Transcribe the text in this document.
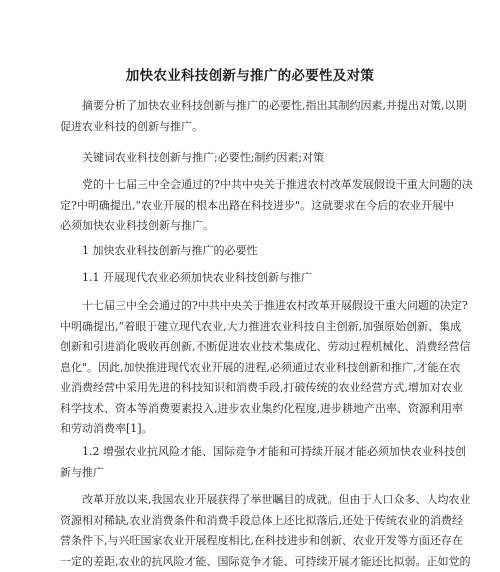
加快农业科技创新与推广的必要性及对策
摘要分析了加快农业科技创新与推广的必要性,指出其制约因素,并提出对策,以期
促进农业科技的创新与推广。
关键词农业科技创新与推广;必要性;制约因素;对策
党的十七届三中全会通过的?中共中央关于推进农村改革发展假设干重大问题的决
定?中明确提出,“农业开展的根本出路在科技进步"。这就要求在今后的农业开展中
必须加快农业科技创新与推广。
1 加快农业科技创新与推广的必要性
1.1 开展现代农业必须加快农业科技创新与推广
十七届三中全会通过的?中共中央关于推进农村改革开展假设干重大问题的决定?
中明确提出,“着眼于建立现代农业,大力推进农业科技自主创新,加强原始创新、集成
创新和引进消化吸收再创新,不断促进农业技术集成化、劳动过程机械化、消费经营信
息化"。因此,加快推进现代农业开展的进程,必须通过农业科技创新和推广,才能在农
业消费经营中采用先进的科技知识和消费手段,打破传统的农业经营方式,增加对农业
科学技术、资本等消费要素投入,进步农业集约化程度,进步耕地产出率、资源利用率
和劳动消费率[1]。
1.2 增强农业抗风险才能、国际竞争才能和可持续开展才能必须加快农业科技创
新与推广
改革开放以来,我国农业开展获得了举世瞩目的成就。但由于人口众多、人均农业
资源相对稀缺,农业消费条件和消费手段总体上还比拟落后,还处于传统农业的消费经
营条件下,与兴旺国家农业开展程度相比,在科技进步和创新、农业开发等方面还存在
一定的差距,农业的抗风险才能、国际竞争才能、可持续开展才能还比拟弱。正如党的
